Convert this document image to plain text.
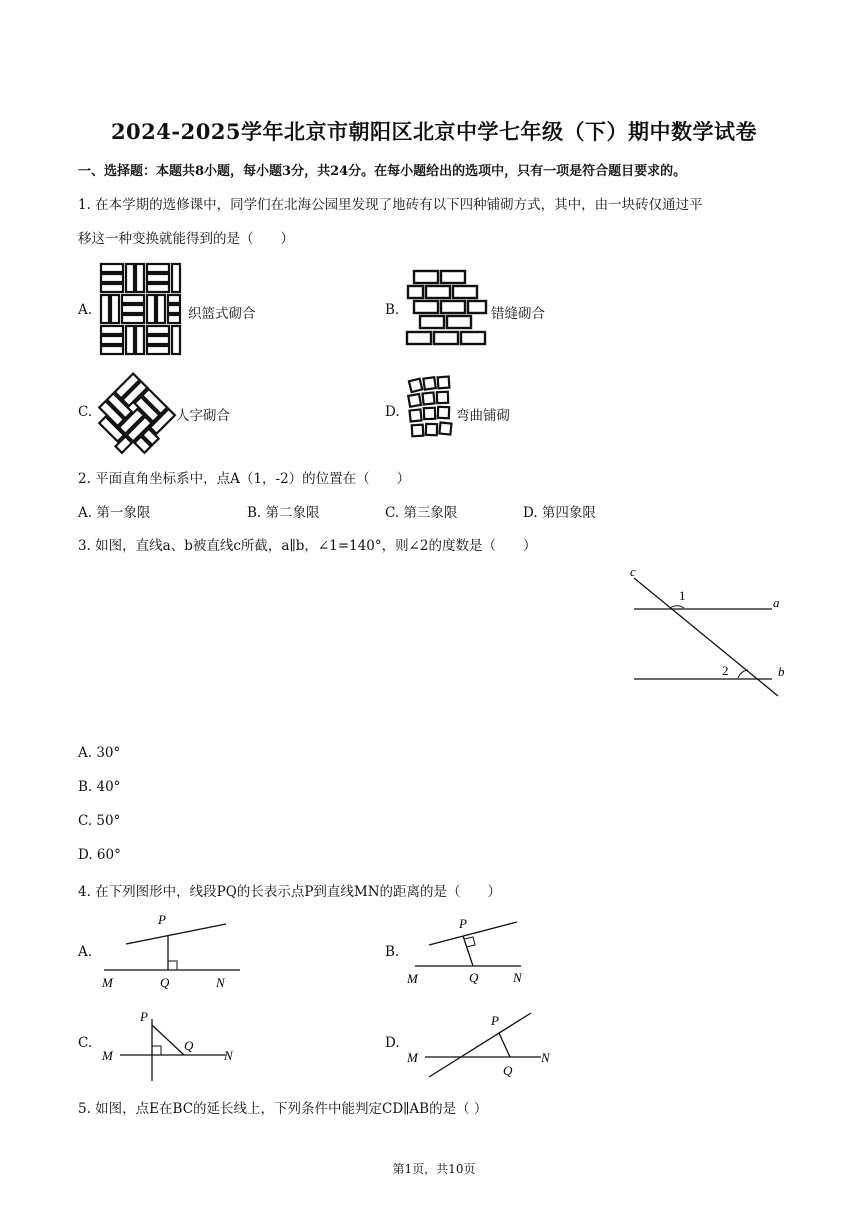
2024-2025学年北京市朝阳区北京中学七年级（下）期中数学试卷
一、选择题：本题共8小题，每小题3分，共24分。在每小题给出的选项中，只有一项是符合题目要求的。
1. 在本学期的选修课中，同学们在北海公园里发现了地砖有以下四种铺砌方式，其中，由一块砖仅通过平
移这一种变换就能得到的是（　　）
A.	织篮式砌合	B.	错缝砌合
C.	人字砌合	D.	弯曲铺砌
2. 平面直角坐标系中，点A（1，-2）的位置在（　　）
A. 第一象限	B. 第二象限	C. 第三象限	D. 第四象限
3. 如图，直线a、b被直线c所截，a∥b，∠1=140°，则∠2的度数是（　　）
c
1	a
2	b
A. 30°
B. 40°
C. 50°
D. 60°
4. 在下列图形中，线段PQ的长表示点P到直线MN的距离的是（　　）
A.
P
M	Q	N
B.
P
M	Q	N
C.
P
M
Q
N
D.
P
M
Q
N
5. 如图，点E在BC的延长线上，下列条件中能判定CD∥AB的是（ ）
第1页，共10页
